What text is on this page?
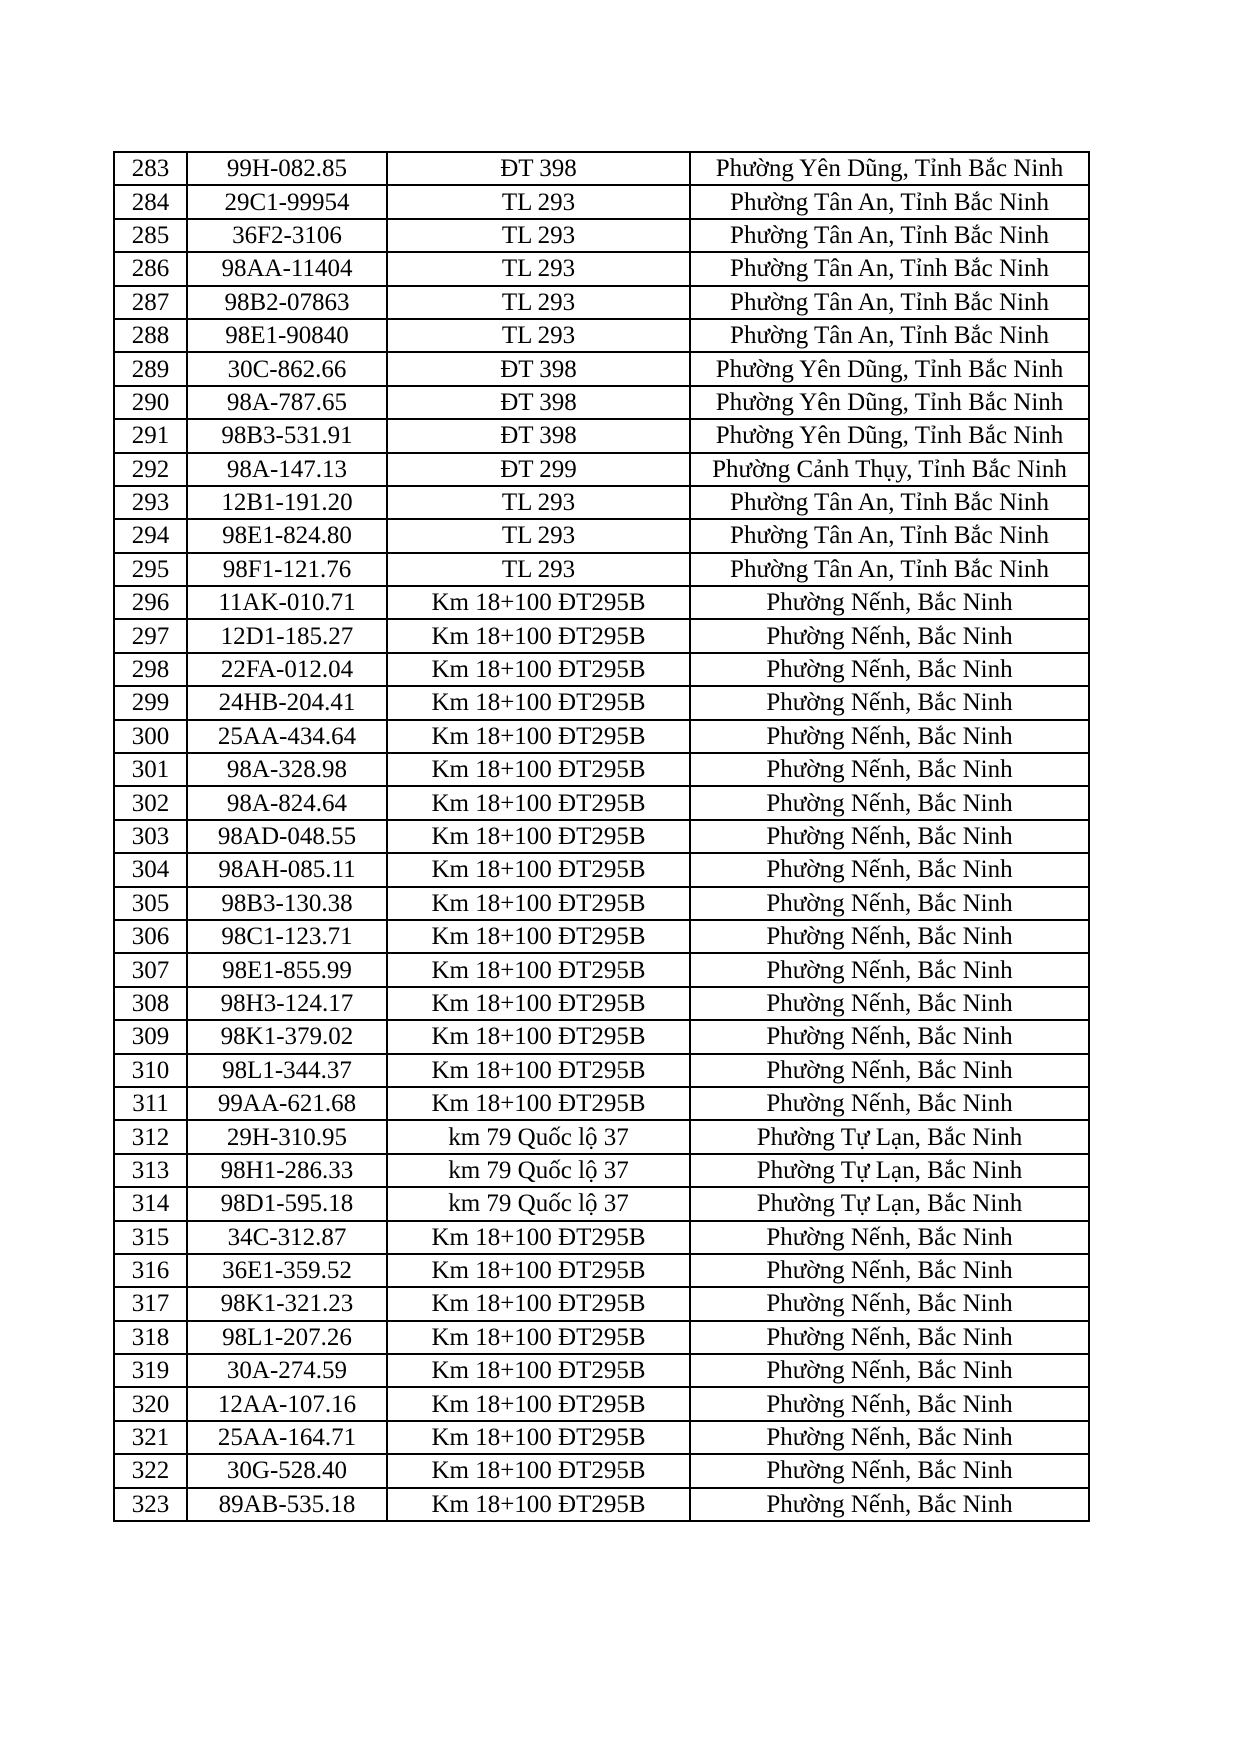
283	99H-082.85	ĐT 398	Phường Yên Dũng, Tỉnh Bắc Ninh
284	29C1-99954	TL 293	Phường Tân An, Tỉnh Bắc Ninh
285	36F2-3106	TL 293	Phường Tân An, Tỉnh Bắc Ninh
286	98AA-11404	TL 293	Phường Tân An, Tỉnh Bắc Ninh
287	98B2-07863	TL 293	Phường Tân An, Tỉnh Bắc Ninh
288	98E1-90840	TL 293	Phường Tân An, Tỉnh Bắc Ninh
289	30C-862.66	ĐT 398	Phường Yên Dũng, Tỉnh Bắc Ninh
290	98A-787.65	ĐT 398	Phường Yên Dũng, Tỉnh Bắc Ninh
291	98B3-531.91	ĐT 398	Phường Yên Dũng, Tỉnh Bắc Ninh
292	98A-147.13	ĐT 299	Phường Cảnh Thụy, Tỉnh Bắc Ninh
293	12B1-191.20	TL 293	Phường Tân An, Tỉnh Bắc Ninh
294	98E1-824.80	TL 293	Phường Tân An, Tỉnh Bắc Ninh
295	98F1-121.76	TL 293	Phường Tân An, Tỉnh Bắc Ninh
296	11AK-010.71	Km 18+100 ĐT295B	Phường Nếnh, Bắc Ninh
297	12D1-185.27	Km 18+100 ĐT295B	Phường Nếnh, Bắc Ninh
298	22FA-012.04	Km 18+100 ĐT295B	Phường Nếnh, Bắc Ninh
299	24HB-204.41	Km 18+100 ĐT295B	Phường Nếnh, Bắc Ninh
300	25AA-434.64	Km 18+100 ĐT295B	Phường Nếnh, Bắc Ninh
301	98A-328.98	Km 18+100 ĐT295B	Phường Nếnh, Bắc Ninh
302	98A-824.64	Km 18+100 ĐT295B	Phường Nếnh, Bắc Ninh
303	98AD-048.55	Km 18+100 ĐT295B	Phường Nếnh, Bắc Ninh
304	98AH-085.11	Km 18+100 ĐT295B	Phường Nếnh, Bắc Ninh
305	98B3-130.38	Km 18+100 ĐT295B	Phường Nếnh, Bắc Ninh
306	98C1-123.71	Km 18+100 ĐT295B	Phường Nếnh, Bắc Ninh
307	98E1-855.99	Km 18+100 ĐT295B	Phường Nếnh, Bắc Ninh
308	98H3-124.17	Km 18+100 ĐT295B	Phường Nếnh, Bắc Ninh
309	98K1-379.02	Km 18+100 ĐT295B	Phường Nếnh, Bắc Ninh
310	98L1-344.37	Km 18+100 ĐT295B	Phường Nếnh, Bắc Ninh
311	99AA-621.68	Km 18+100 ĐT295B	Phường Nếnh, Bắc Ninh
312	29H-310.95	km 79 Quốc lộ 37	Phường Tự Lạn, Bắc Ninh
313	98H1-286.33	km 79 Quốc lộ 37	Phường Tự Lạn, Bắc Ninh
314	98D1-595.18	km 79 Quốc lộ 37	Phường Tự Lạn, Bắc Ninh
315	34C-312.87	Km 18+100 ĐT295B	Phường Nếnh, Bắc Ninh
316	36E1-359.52	Km 18+100 ĐT295B	Phường Nếnh, Bắc Ninh
317	98K1-321.23	Km 18+100 ĐT295B	Phường Nếnh, Bắc Ninh
318	98L1-207.26	Km 18+100 ĐT295B	Phường Nếnh, Bắc Ninh
319	30A-274.59	Km 18+100 ĐT295B	Phường Nếnh, Bắc Ninh
320	12AA-107.16	Km 18+100 ĐT295B	Phường Nếnh, Bắc Ninh
321	25AA-164.71	Km 18+100 ĐT295B	Phường Nếnh, Bắc Ninh
322	30G-528.40	Km 18+100 ĐT295B	Phường Nếnh, Bắc Ninh
323	89AB-535.18	Km 18+100 ĐT295B	Phường Nếnh, Bắc Ninh
